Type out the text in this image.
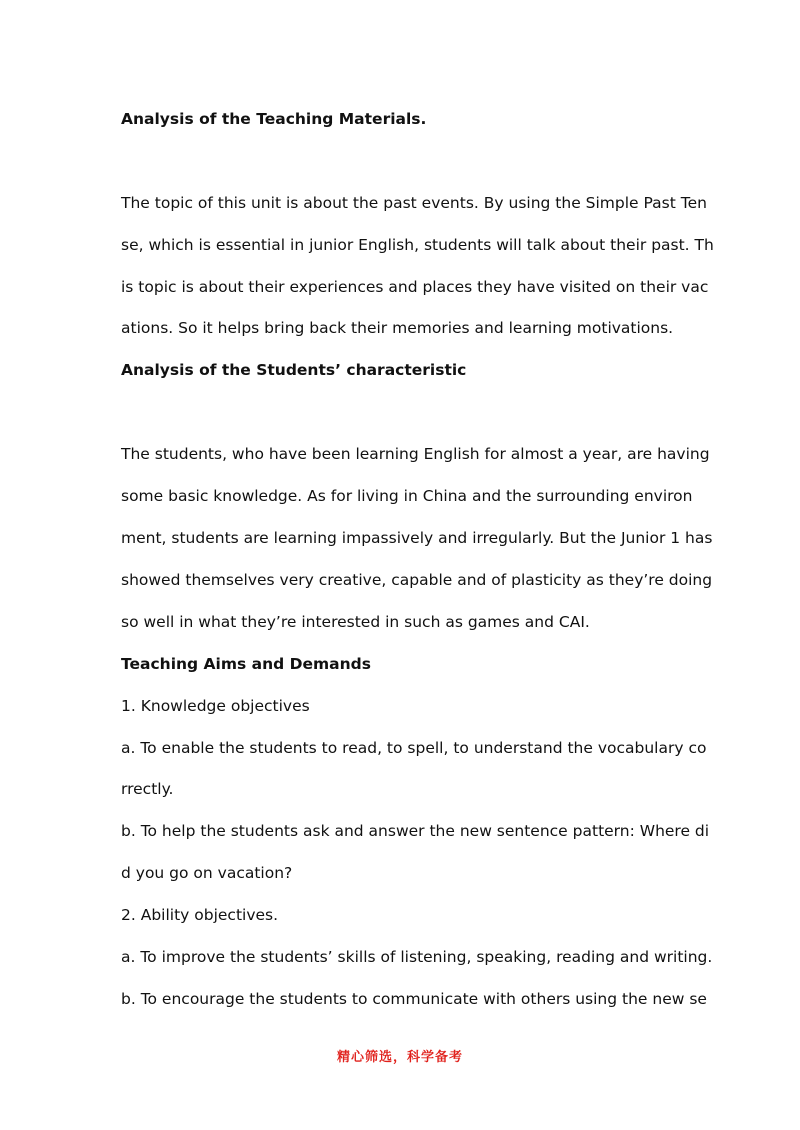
Analysis of the Teaching Materials.
The topic of this unit is about the past events. By using the Simple Past Ten
se, which is essential in junior English, students will talk about their past. Th
is topic is about their experiences and places they have visited on their vac
ations. So it helps bring back their memories and learning motivations.
Analysis of the Students’ characteristic
The students, who have been learning English for almost a year, are having
some basic knowledge. As for living in China and the surrounding environ
ment, students are learning impassively and irregularly. But the Junior 1 has
showed themselves very creative, capable and of plasticity as they’re doing
so well in what they’re interested in such as games and CAI.
Teaching Aims and Demands
1. Knowledge objectives
a. To enable the students to read, to spell, to understand the vocabulary co
rrectly.
b. To help the students ask and answer the new sentence pattern: Where di
d you go on vacation?
2. Ability objectives.
a. To improve the students’ skills of listening, speaking, reading and writing.
b. To encourage the students to communicate with others using the new se
精心筛选，科学备考
